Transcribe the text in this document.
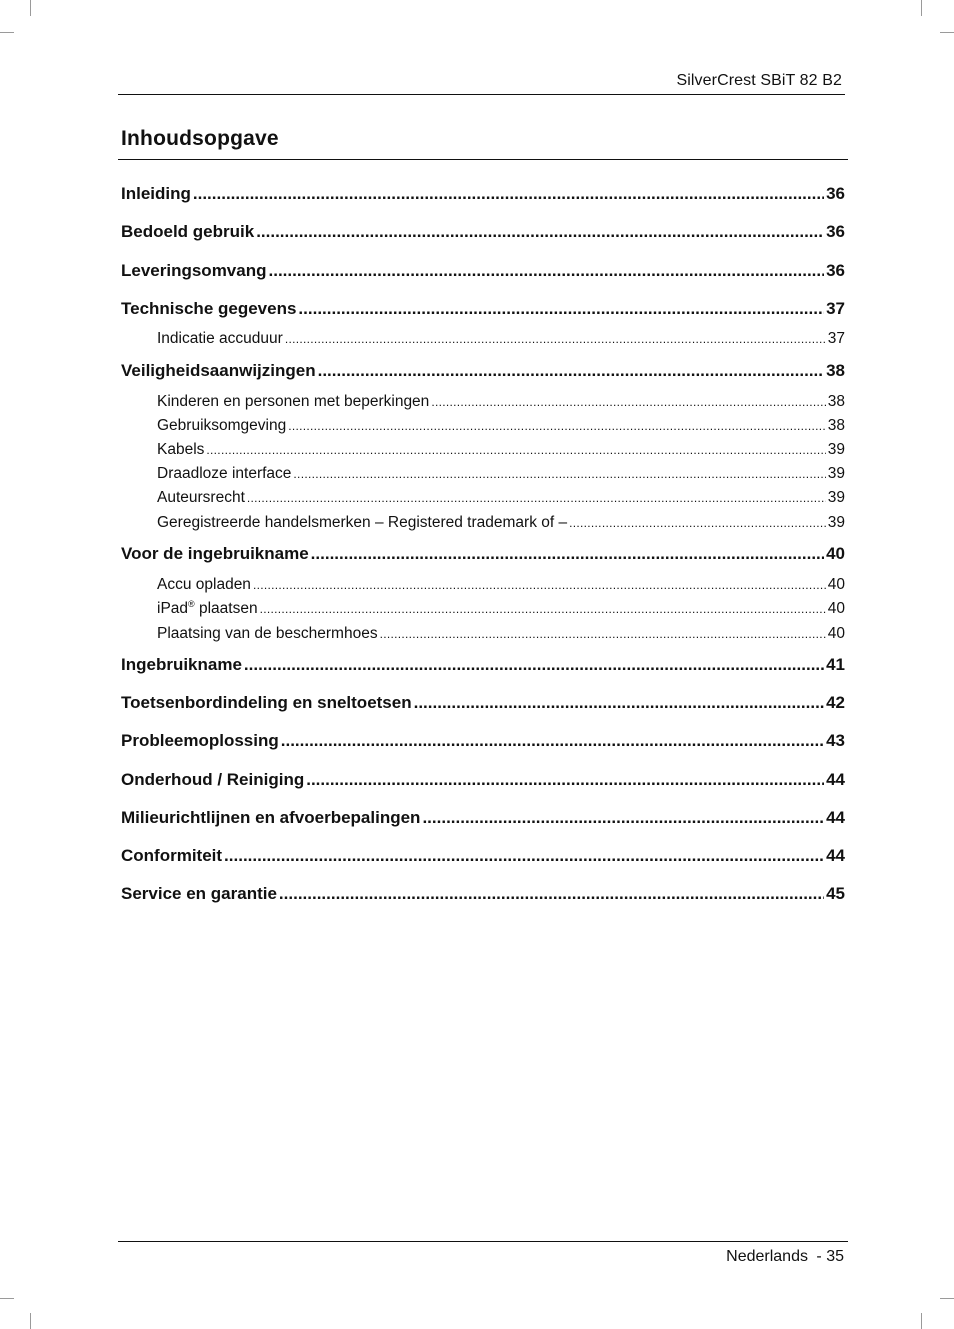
SilverCrest SBiT 82 B2
Inhoudsopgave
Inleiding .....	36
Bedoeld gebruik .....	36
Leveringsomvang .....	36
Technische gegevens .....	37
Indicatie accuduur .....	37
Veiligheidsaanwijzingen .....	38
Kinderen en personen met beperkingen .....	38
Gebruiksomgeving .....	38
Kabels .....	39
Draadloze interface .....	39
Auteursrecht .....	39
Geregistreerde handelsmerken – Registered trademark of – .....	39
Voor de ingebruikname .....	40
Accu opladen .....	40
iPad® plaatsen .....	40
Plaatsing van de beschermhoes .....	40
Ingebruikname .....	41
Toetsenbordindeling en sneltoetsen .....	42
Probleemoplossing .....	43
Onderhoud / Reiniging .....	44
Milieurichtlijnen en afvoerbepalingen .....	44
Conformiteit .....	44
Service en garantie .....	45
Nederlands - 35
